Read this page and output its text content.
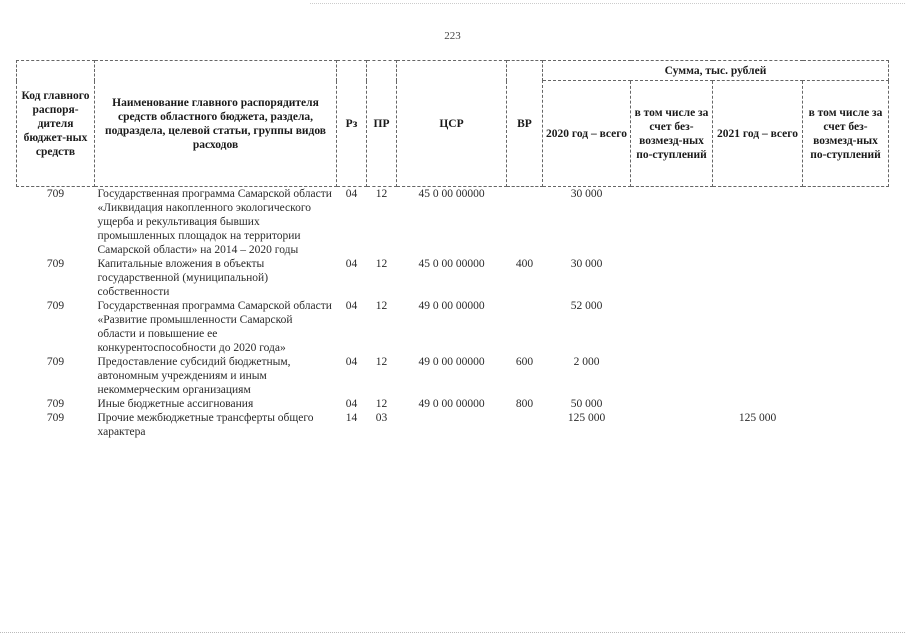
223
Код главного распоря-дителя бюджет-ных средств	Наименование главного распорядителя средств областного бюджета, раздела, подраздела, целевой статьи, группы видов расходов	Рз	ПР	ЦСР	ВР	Сумма, тыс. рублей			
						2020 год – всего	в том числе за счет без-возмезд-ных по-ступлений	2021 год – всего	в том числе за счет без-возмезд-ных по-ступлений
709	Государственная программа Самарской области «Ликвидация накопленного экологического ущерба и рекультивация бывших промышленных площадок на территории Самарской области» на 2014 – 2020 годы	04	12	45 0 00 00000		30 000			
709	Капитальные вложения в объекты государственной (муниципальной) собственности	04	12	45 0 00 00000	400	30 000			
709	Государственная программа Самарской области «Развитие промышленности Самарской области и повышение ее конкурентоспособности до 2020 года»	04	12	49 0 00 00000		52 000			
709	Предоставление субсидий бюджетным, автономным учреждениям и иным некоммерческим организациям	04	12	49 0 00 00000	600	2 000			
709	Иные бюджетные ассигнования	04	12	49 0 00 00000	800	50 000			
709	Прочие межбюджетные трансферты общего характера	14	03			125 000		125 000	
